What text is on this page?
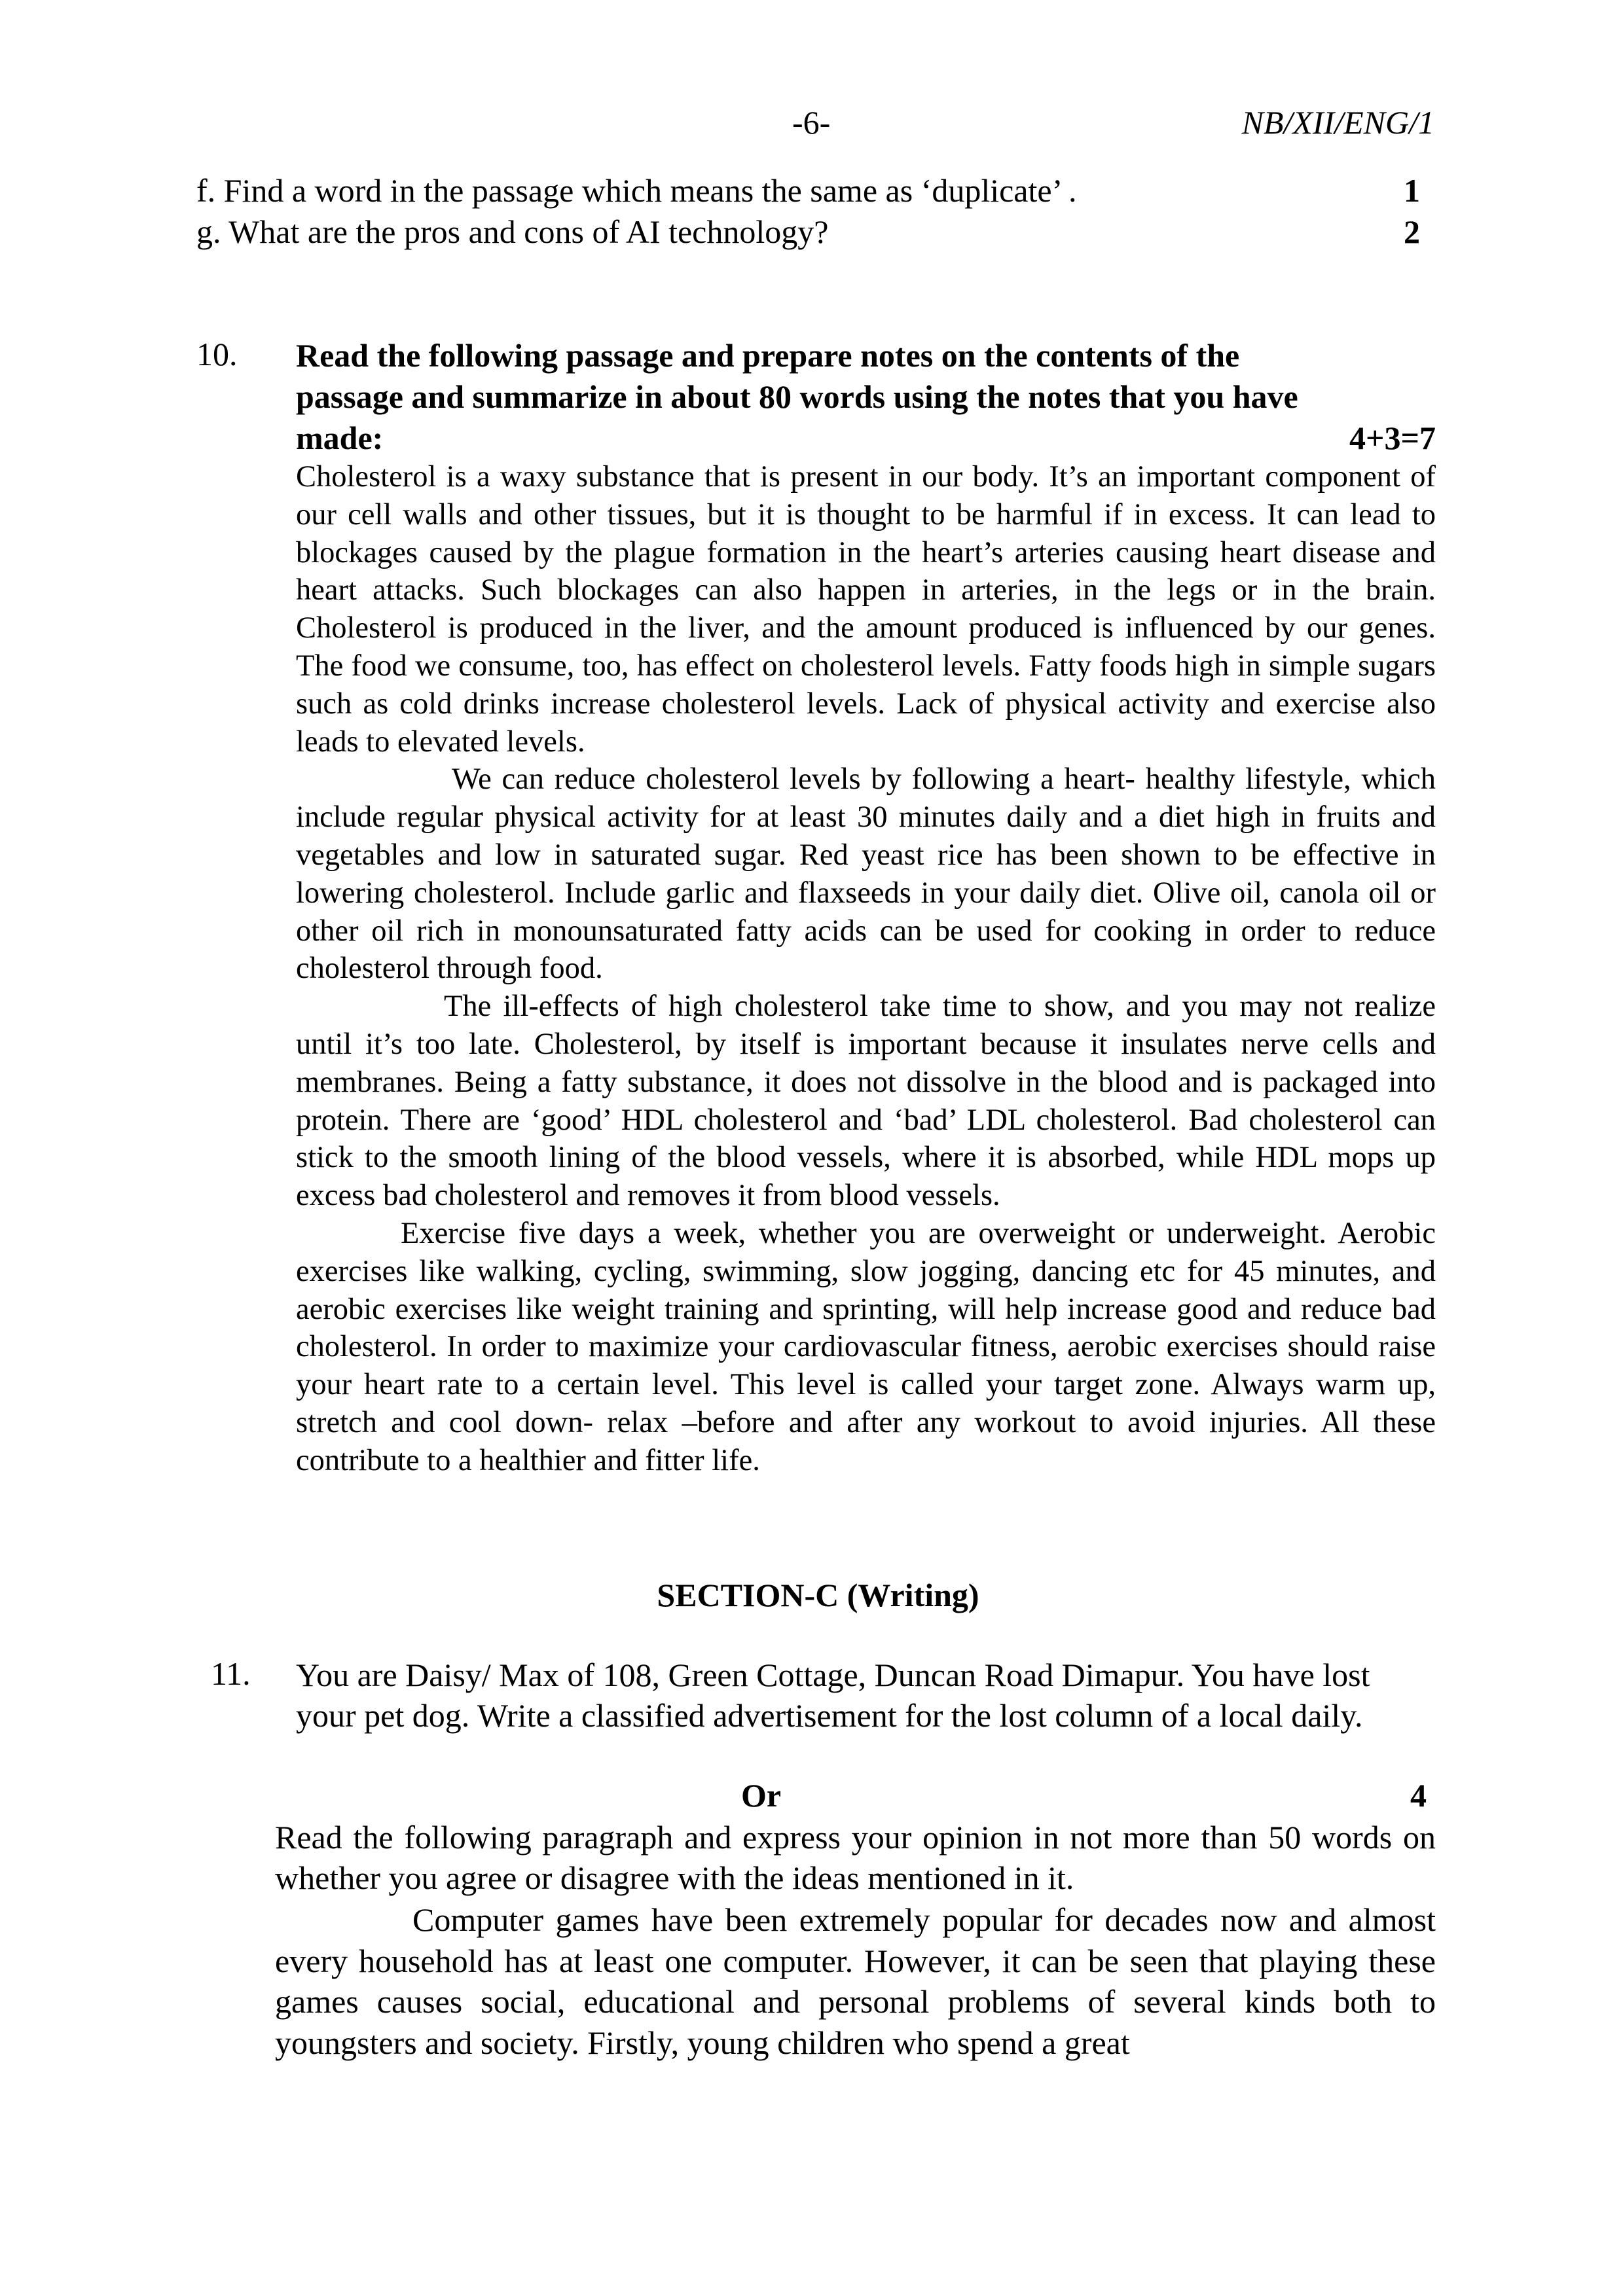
-6-	NB/XII/ENG/1
f. Find a word in the passage which means the same as ‘duplicate’ .	1
g. What are the pros and cons of AI technology?	2
10. Read the following passage and prepare notes on the contents of the
passage and summarize in about 80 words using the notes that you have
made:	4+3=7

Cholesterol is a waxy substance that is present in our body. It’s an important component of our cell walls and other tissues, but it is thought to be harmful if in excess. It can lead to blockages caused by the plague formation in the heart’s arteries causing heart disease and heart attacks. Such blockages can also happen in arteries, in the legs or in the brain. Cholesterol is produced in the liver, and the amount produced is influenced by our genes. The food we consume, too, has effect on cholesterol levels. Fatty foods high in simple sugars such as cold drinks increase cholesterol levels. Lack of physical activity and exercise also leads to elevated levels.

We can reduce cholesterol levels by following a heart- healthy lifestyle, which include regular physical activity for at least 30 minutes daily and a diet high in fruits and vegetables and low in saturated sugar. Red yeast rice has been shown to be effective in lowering cholesterol. Include garlic and flaxseeds in your daily diet. Olive oil, canola oil or other oil rich in monounsaturated fatty acids can be used for cooking in order to reduce cholesterol through food.

The ill-effects of high cholesterol take time to show, and you may not realize until it’s too late. Cholesterol, by itself is important because it insulates nerve cells and membranes. Being a fatty substance, it does not dissolve in the blood and is packaged into protein. There are ‘good’ HDL cholesterol and ‘bad’ LDL cholesterol. Bad cholesterol can stick to the smooth lining of the blood vessels, where it is absorbed, while HDL mops up excess bad cholesterol and removes it from blood vessels.

Exercise five days a week, whether you are overweight or underweight. Aerobic exercises like walking, cycling, swimming, slow jogging, dancing etc for 45 minutes, and aerobic exercises like weight training and sprinting, will help increase good and reduce bad cholesterol. In order to maximize your cardiovascular fitness, aerobic exercises should raise your heart rate to a certain level. This level is called your target zone. Always warm up, stretch and cool down- relax –before and after any workout to avoid injuries. All these contribute to a healthier and fitter life.

SECTION-C (Writing)
11. You are Daisy/ Max of 108, Green Cottage, Duncan Road Dimapur. You have lost your pet dog. Write a classified advertisement for the lost column of a local daily.
Or	4
Read the following paragraph and express your opinion in not more than 50 words on whether you agree or disagree with the ideas mentioned in it.

Computer games have been extremely popular for decades now and almost every household has at least one computer. However, it can be seen that playing these games causes social, educational and personal problems of several kinds both to youngsters and society. Firstly, young children who spend a great
